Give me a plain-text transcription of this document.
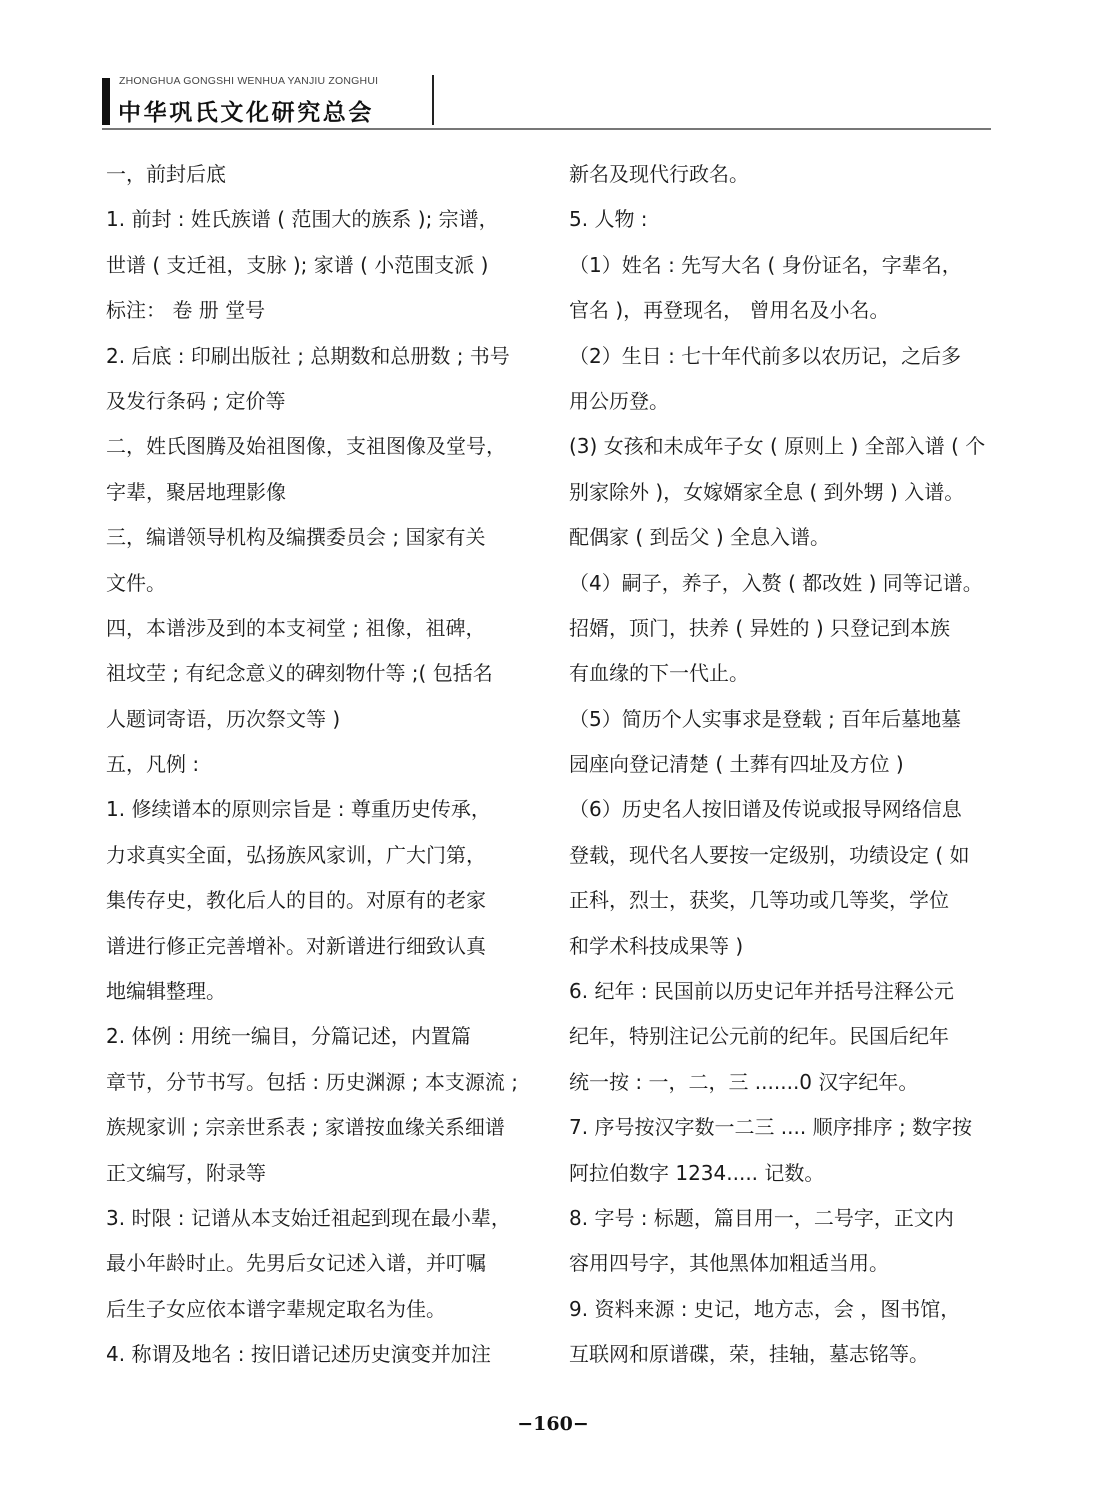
ZHONGHUA GONGSHI WENHUA YANJIU ZONGHUI
中华巩氏文化研究总会
一，前封后底
1. 前封 : 姓氏族谱 ( 范围大的族系 ); 宗谱，
世谱 ( 支迁祖，支脉 ); 家谱 ( 小范围支派 )
标注： 卷 册 堂号
2. 后底 : 印刷出版社 ; 总期数和总册数 ; 书号
及发行条码 ; 定价等
二，姓氏图腾及始祖图像，支祖图像及堂号，
字辈，聚居地理影像
三，编谱领导机构及编撰委员会 ; 国家有关
文件。
四，本谱涉及到的本支祠堂 ; 祖像，祖碑，
祖坟茔 ; 有纪念意义的碑刻物什等 ;( 包括名
人题词寄语，历次祭文等 )
五，凡例 :
1. 修续谱本的原则宗旨是 : 尊重历史传承，
力求真实全面，弘扬族风家训，广大门第，
集传存史，教化后人的目的。对原有的老家
谱进行修正完善增补。对新谱进行细致认真
地编辑整理。
2. 体例 : 用统一编目，分篇记述，内置篇
章节，分节书写。包括 : 历史渊源 ; 本支源流 ;
族规家训 ; 宗亲世系表 ; 家谱按血缘关系细谱
正文编写，附录等
3. 时限 : 记谱从本支始迁祖起到现在最小辈，
最小年龄时止。先男后女记述入谱，并叮嘱
后生子女应依本谱字辈规定取名为佳。
4. 称谓及地名 : 按旧谱记述历史演变并加注
新名及现代行政名。
5. 人物 :
（1）姓名 : 先写大名 ( 身份证名，字辈名，
官名 )，再登现名， 曾用名及小名。
（2）生日 : 七十年代前多以农历记，之后多
用公历登。
(3) 女孩和未成年子女 ( 原则上 ) 全部入谱 ( 个
别家除外 )，女嫁婿家全息 ( 到外甥 ) 入谱。
配偶家 ( 到岳父 ) 全息入谱。
（4）嗣子，养子，入赘 ( 都改姓 ) 同等记谱。
招婿，顶门，扶养 ( 异姓的 ) 只登记到本族
有血缘的下一代止。
（5）简历个人实事求是登载 ; 百年后墓地墓
园座向登记清楚 ( 土葬有四址及方位 )
（6）历史名人按旧谱及传说或报导网络信息
登载，现代名人要按一定级别，功绩设定 ( 如
正科，烈士，获奖，几等功或几等奖，学位
和学术科技成果等 )
6. 纪年 : 民国前以历史记年并括号注释公元
纪年，特别注记公元前的纪年。民国后纪年
统一按 : 一，二，三 .......0 汉字纪年。
7. 序号按汉字数一二三 .... 顺序排序 ; 数字按
阿拉伯数字 1234..... 记数。
8. 字号 : 标题，篇目用一，二号字，正文内
容用四号字，其他黑体加粗适当用。
9. 资料来源 : 史记，地方志，会 ，图书馆，
互联网和原谱碟，荣，挂轴，墓志铭等。
−160−
